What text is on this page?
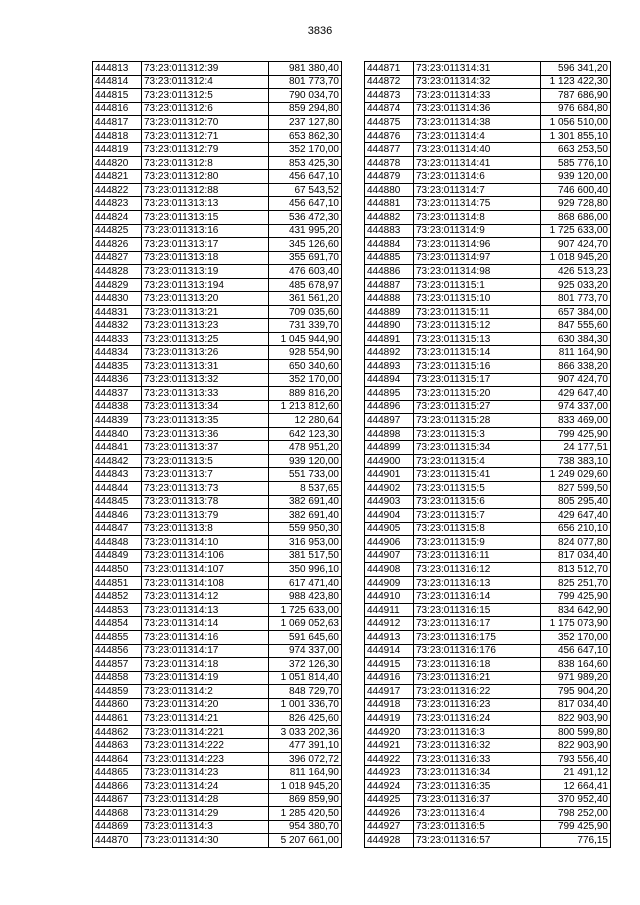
3836
444813	73:23:011312:39	981 380,40
444814	73:23:011312:4	801 773,70
444815	73:23:011312:5	790 034,70
444816	73:23:011312:6	859 294,80
444817	73:23:011312:70	237 127,80
444818	73:23:011312:71	653 862,30
444819	73:23:011312:79	352 170,00
444820	73:23:011312:8	853 425,30
444821	73:23:011312:80	456 647,10
444822	73:23:011312:88	67 543,52
444823	73:23:011313:13	456 647,10
444824	73:23:011313:15	536 472,30
444825	73:23:011313:16	431 995,20
444826	73:23:011313:17	345 126,60
444827	73:23:011313:18	355 691,70
444828	73:23:011313:19	476 603,40
444829	73:23:011313:194	485 678,97
444830	73:23:011313:20	361 561,20
444831	73:23:011313:21	709 035,60
444832	73:23:011313:23	731 339,70
444833	73:23:011313:25	1 045 944,90
444834	73:23:011313:26	928 554,90
444835	73:23:011313:31	650 340,60
444836	73:23:011313:32	352 170,00
444837	73:23:011313:33	889 816,20
444838	73:23:011313:34	1 213 812,60
444839	73:23:011313:35	12 280,64
444840	73:23:011313:36	642 123,30
444841	73:23:011313:37	478 951,20
444842	73:23:011313:5	939 120,00
444843	73:23:011313:7	551 733,00
444844	73:23:011313:73	8 537,65
444845	73:23:011313:78	382 691,40
444846	73:23:011313:79	382 691,40
444847	73:23:011313:8	559 950,30
444848	73:23:011314:10	316 953,00
444849	73:23:011314:106	381 517,50
444850	73:23:011314:107	350 996,10
444851	73:23:011314:108	617 471,40
444852	73:23:011314:12	988 423,80
444853	73:23:011314:13	1 725 633,00
444854	73:23:011314:14	1 069 052,63
444855	73:23:011314:16	591 645,60
444856	73:23:011314:17	974 337,00
444857	73:23:011314:18	372 126,30
444858	73:23:011314:19	1 051 814,40
444859	73:23:011314:2	848 729,70
444860	73:23:011314:20	1 001 336,70
444861	73:23:011314:21	826 425,60
444862	73:23:011314:221	3 033 202,36
444863	73:23:011314:222	477 391,10
444864	73:23:011314:223	396 072,72
444865	73:23:011314:23	811 164,90
444866	73:23:011314:24	1 018 945,20
444867	73:23:011314:28	869 859,90
444868	73:23:011314:29	1 285 420,50
444869	73:23:011314:3	954 380,70
444870	73:23:011314:30	5 207 661,00
444871	73:23:011314:31	596 341,20
444872	73:23:011314:32	1 123 422,30
444873	73:23:011314:33	787 686,90
444874	73:23:011314:36	976 684,80
444875	73:23:011314:38	1 056 510,00
444876	73:23:011314:4	1 301 855,10
444877	73:23:011314:40	663 253,50
444878	73:23:011314:41	585 776,10
444879	73:23:011314:6	939 120,00
444880	73:23:011314:7	746 600,40
444881	73:23:011314:75	929 728,80
444882	73:23:011314:8	868 686,00
444883	73:23:011314:9	1 725 633,00
444884	73:23:011314:96	907 424,70
444885	73:23:011314:97	1 018 945,20
444886	73:23:011314:98	426 513,23
444887	73:23:011315:1	925 033,20
444888	73:23:011315:10	801 773,70
444889	73:23:011315:11	657 384,00
444890	73:23:011315:12	847 555,60
444891	73:23:011315:13	630 384,30
444892	73:23:011315:14	811 164,90
444893	73:23:011315:16	866 338,20
444894	73:23:011315:17	907 424,70
444895	73:23:011315:20	429 647,40
444896	73:23:011315:27	974 337,00
444897	73:23:011315:28	833 469,00
444898	73:23:011315:3	799 425,90
444899	73:23:011315:34	24 177,51
444900	73:23:011315:4	738 383,10
444901	73:23:011315:41	1 249 029,60
444902	73:23:011315:5	827 599,50
444903	73:23:011315:6	805 295,40
444904	73:23:011315:7	429 647,40
444905	73:23:011315:8	656 210,10
444906	73:23:011315:9	824 077,80
444907	73:23:011316:11	817 034,40
444908	73:23:011316:12	813 512,70
444909	73:23:011316:13	825 251,70
444910	73:23:011316:14	799 425,90
444911	73:23:011316:15	834 642,90
444912	73:23:011316:17	1 175 073,90
444913	73:23:011316:175	352 170,00
444914	73:23:011316:176	456 647,10
444915	73:23:011316:18	838 164,60
444916	73:23:011316:21	971 989,20
444917	73:23:011316:22	795 904,20
444918	73:23:011316:23	817 034,40
444919	73:23:011316:24	822 903,90
444920	73:23:011316:3	800 599,80
444921	73:23:011316:32	822 903,90
444922	73:23:011316:33	793 556,40
444923	73:23:011316:34	21 491,12
444924	73:23:011316:35	12 664,41
444925	73:23:011316:37	370 952,40
444926	73:23:011316:4	798 252,00
444927	73:23:011316:5	799 425,90
444928	73:23:011316:57	776,15
